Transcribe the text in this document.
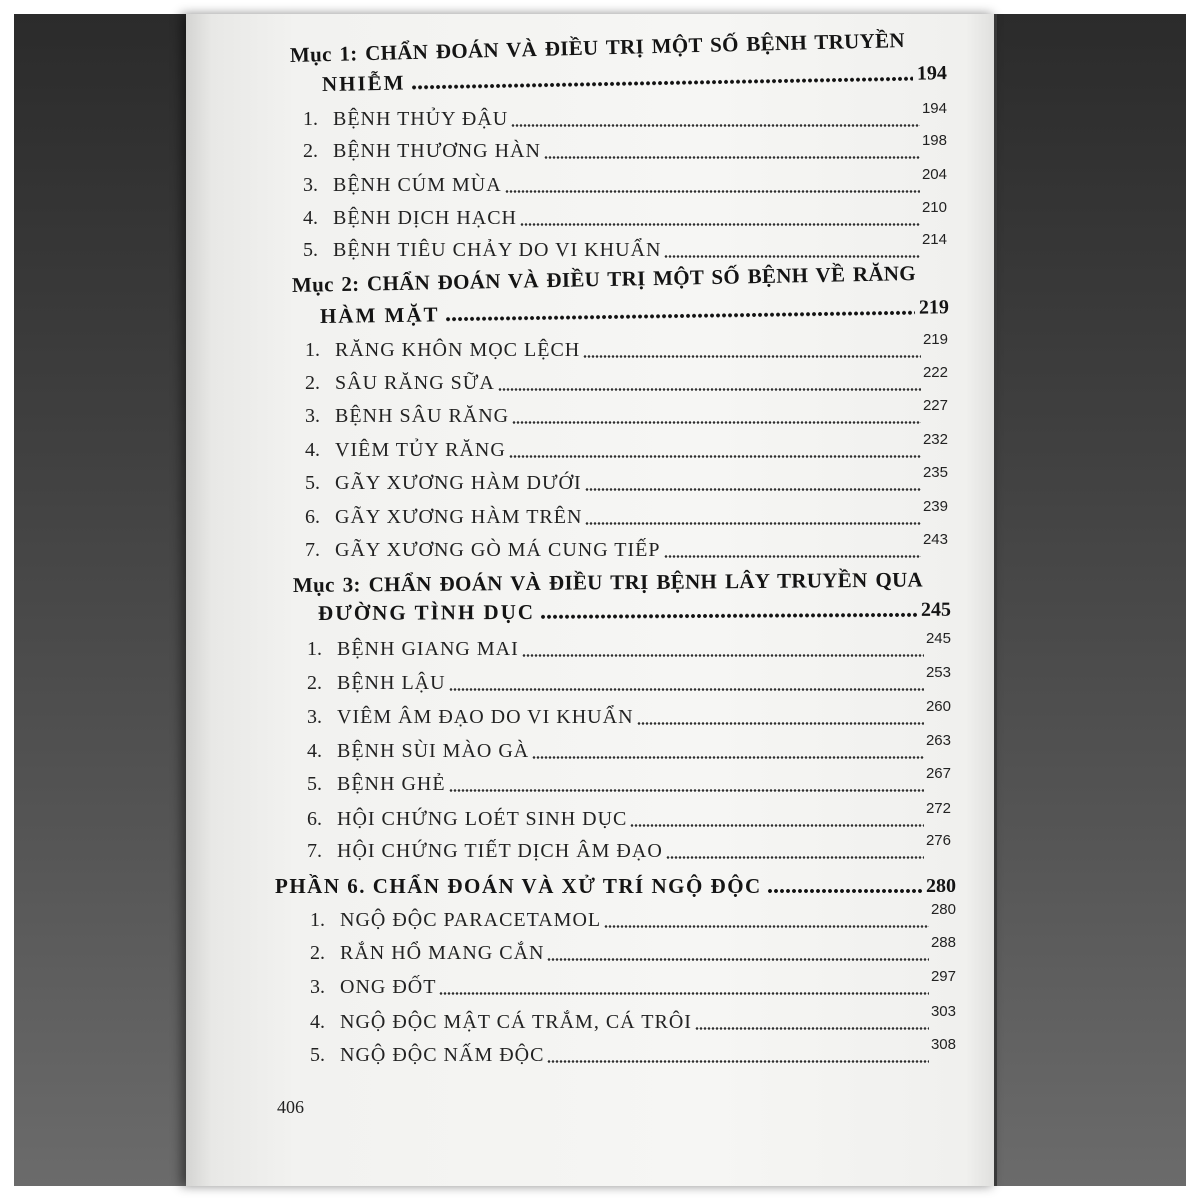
Mục 1: CHẨN ĐOÁN VÀ ĐIỀU TRỊ MỘT SỐ BỆNH TRUYỀN
NHIỄM	194
1. BỆNH THỦY ĐẬU	194
2. BỆNH THƯƠNG HÀN	198
3. BỆNH CÚM MÙA	204
4. BỆNH DỊCH HẠCH	210
5. BỆNH TIÊU CHẢY DO VI KHUẨN	214
Mục 2: CHẨN ĐOÁN VÀ ĐIỀU TRỊ MỘT SỐ BỆNH VỀ RĂNG
HÀM MẶT	219
1. RĂNG KHÔN MỌC LỆCH	219
2. SÂU RĂNG SỮA	222
3. BỆNH SÂU RĂNG	227
4. VIÊM TỦY RĂNG	232
5. GÃY XƯƠNG HÀM DƯỚI	235
6. GÃY XƯƠNG HÀM TRÊN	239
7. GÃY XƯƠNG GÒ MÁ CUNG TIẾP	243
Mục 3: CHẨN ĐOÁN VÀ ĐIỀU TRỊ BỆNH LÂY TRUYỀN QUA
ĐƯỜNG TÌNH DỤC	245
1. BỆNH GIANG MAI	245
2. BỆNH LẬU	253
3. VIÊM ÂM ĐẠO DO VI KHUẨN	260
4. BỆNH SÙI MÀO GÀ	263
5. BỆNH GHẺ	267
6. HỘI CHỨNG LOÉT SINH DỤC	272
7. HỘI CHỨNG TIẾT DỊCH ÂM ĐẠO	276
PHẦN 6. CHẨN ĐOÁN VÀ XỬ TRÍ NGỘ ĐỘC	280
1. NGỘ ĐỘC PARACETAMOL	280
2. RẮN HỔ MANG CẮN	288
3. ONG ĐỐT	297
4. NGỘ ĐỘC MẬT CÁ TRẮM, CÁ TRÔI	303
5. NGỘ ĐỘC NẤM ĐỘC	308
406
